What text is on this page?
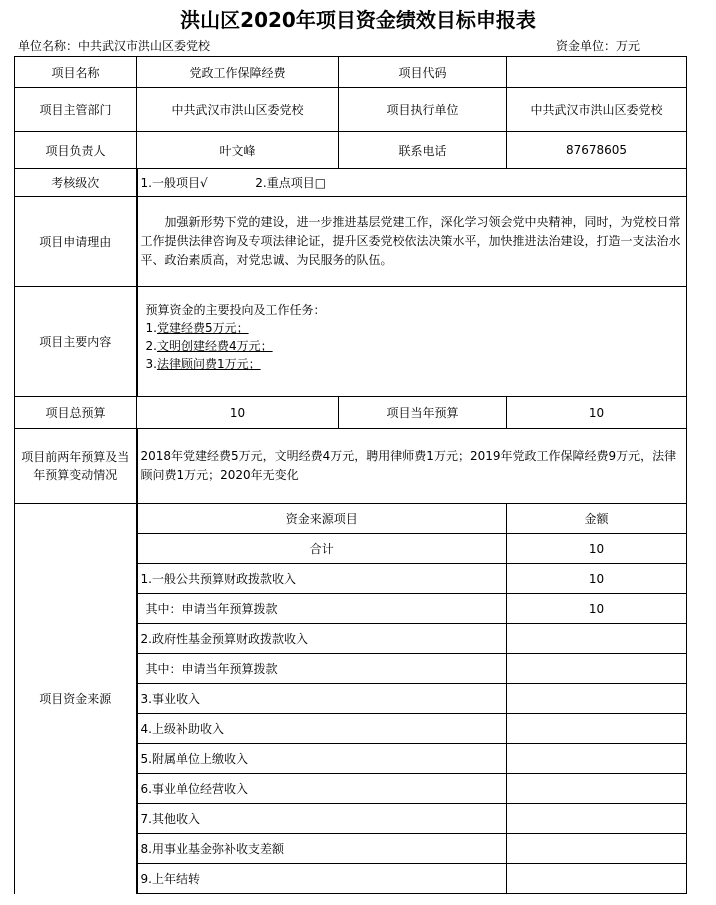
洪山区2020年项目资金绩效目标申报表
单位名称：中共武汉市洪山区委党校	资金单位：万元
项目名称	党政工作保障经费	项目代码	
项目主管部门	中共武汉市洪山区委党校	项目执行单位	中共武汉市洪山区委党校
项目负责人	叶文峰	联系电话	87678605
考核级次	1.一般项目√ 2.重点项目□		
项目申请理由	加强新形势下党的建设，进一步推进基层党建工作，深化学习领会党中央精神，同时，为党校日常工作提供法律咨询及专项法律论证，提升区委党校依法决策水平，加快推进法治建设，打造一支法治水平、政治素质高，对党忠诚、为民服务的队伍。		
项目主要内容	预算资金的主要投向及工作任务：
1.党建经费5万元；
2.文明创建经费4万元；
3.法律顾问费1万元；		

项目总预算	10	项目当年预算	10
项目前两年预算及当年预算变动情况	2018年党建经费5万元，文明经费4万元，聘用律师费1万元；2019年党政工作保障经费9万元，法律顾问费1万元；2020年无变化		
项目资金来源	资金来源项目		金额
	合计		10
	1.一般公共预算财政拨款收入		10
	其中：申请当年预算拨款		10
	2.政府性基金预算财政拨款收入		
	其中：申请当年预算拨款		
	3.事业收入		
	4.上级补助收入		
	5.附属单位上缴收入		
	6.事业单位经营收入		
	7.其他收入		
	8.用事业基金弥补收支差额		
	9.上年结转		
